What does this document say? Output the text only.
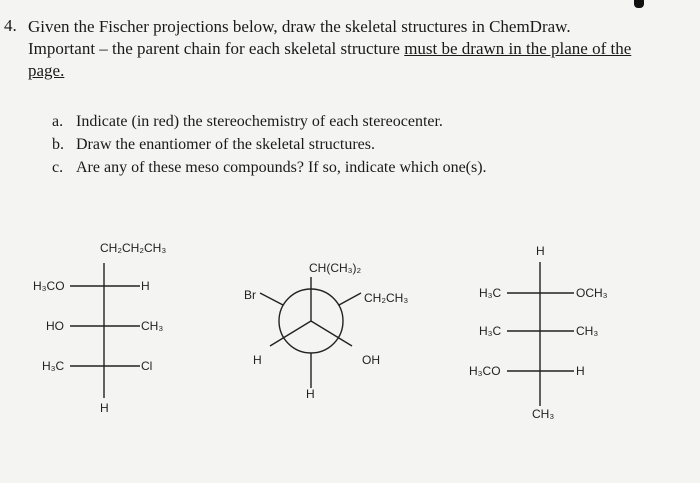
4. Given the Fischer projections below, draw the skeletal structures in ChemDraw.
Important – the parent chain for each skeletal structure must be drawn in the plane of the
page.
a. Indicate (in red) the stereochemistry of each stereocenter.
b. Draw the enantiomer of the skeletal structures.
c. Are any of these meso compounds? If so, indicate which one(s).
CH₂CH₂CH₃
H₃CO	H
HO	CH₃
H₃C	Cl
H
CH(CH₃)₂
Br	CH₂CH₃
H	OH
H
H
H₃C	OCH₃
H₃C	CH₃
H₃CO	H
CH₃
